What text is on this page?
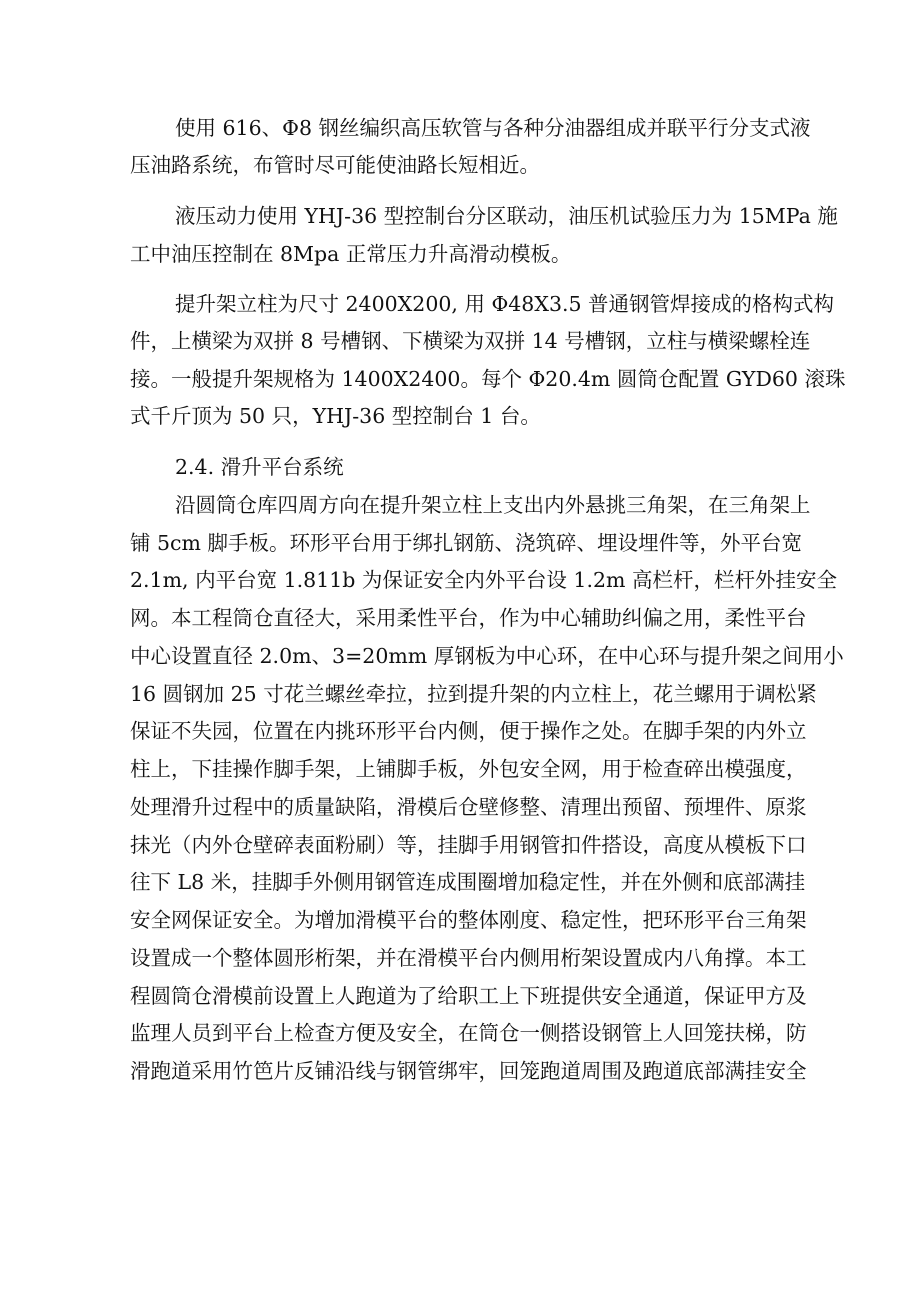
使用 616、Φ8 钢丝编织高压软管与各种分油器组成并联平行分支式液
压油路系统，布管时尽可能使油路长短相近。
液压动力使用 YHJ-36 型控制台分区联动，油压机试验压力为 15MPa 施
工中油压控制在 8Mpa 正常压力升高滑动模板。
提升架立柱为尺寸 2400X200, 用 Φ48X3.5 普通钢管焊接成的格构式构
件，上横梁为双拼 8 号槽钢、下横梁为双拼 14 号槽钢，立柱与横梁螺栓连
接。一般提升架规格为 1400X2400。每个 Φ20.4m 圆筒仓配置 GYD60 滚珠
式千斤顶为 50 只，YHJ-36 型控制台 1 台。
2.4. 滑升平台系统
沿圆筒仓库四周方向在提升架立柱上支出内外悬挑三角架，在三角架上
铺 5cm 脚手板。环形平台用于绑扎钢筋、浇筑碎、埋设埋件等，外平台宽
2.1m, 内平台宽 1.811b 为保证安全内外平台设 1.2m 高栏杆，栏杆外挂安全
网。本工程筒仓直径大，采用柔性平台，作为中心辅助纠偏之用，柔性平台
中心设置直径 2.0m、3=20mm 厚钢板为中心环，在中心环与提升架之间用小
16 圆钢加 25 寸花兰螺丝牵拉，拉到提升架的内立柱上，花兰螺用于调松紧
保证不失园，位置在内挑环形平台内侧，便于操作之处。在脚手架的内外立
柱上，下挂操作脚手架，上铺脚手板，外包安全网，用于检查碎出模强度，
处理滑升过程中的质量缺陷，滑模后仓壁修整、清理出预留、预埋件、原浆
抹光（内外仓壁碎表面粉刷）等，挂脚手用钢管扣件搭设，高度从模板下口
往下 L8 米，挂脚手外侧用钢管连成围圈增加稳定性，并在外侧和底部满挂
安全网保证安全。为增加滑模平台的整体刚度、稳定性，把环形平台三角架
设置成一个整体圆形桁架，并在滑模平台内侧用桁架设置成内八角撑。本工
程圆筒仓滑模前设置上人跑道为了给职工上下班提供安全通道，保证甲方及
监理人员到平台上检查方便及安全，在筒仓一侧搭设钢管上人回笼扶梯，防
滑跑道采用竹笆片反铺沿线与钢管绑牢，回笼跑道周围及跑道底部满挂安全
